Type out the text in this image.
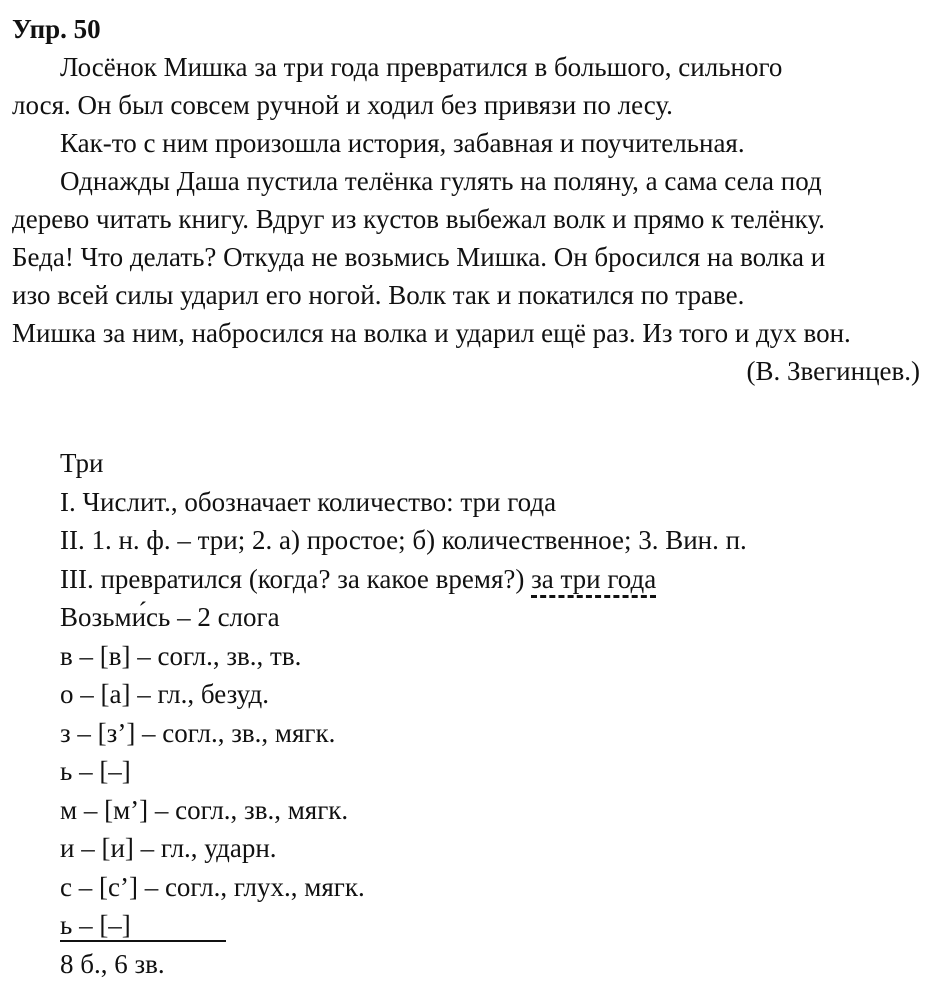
Упр. 50
Лосёнок Мишка за три года превратился в большого, сильного
лося. Он был совсем ручной и ходил без привязи по лесу.
Как-то с ним произошла история, забавная и поучительная.
Однажды Даша пустила телёнка гулять на поляну, а сама села под
дерево читать книгу. Вдруг из кустов выбежал волк и прямо к телёнку.
Беда! Что делать? Откуда не возьмись Мишка. Он бросился на волка и
изо всей силы ударил его ногой. Волк так и покатился по траве.
Мишка за ним, набросился на волка и ударил ещё раз. Из того и дух вон.
(В. Звегинцев.)
Три
I. Числит., обозначает количество: три года
II. 1. н. ф. – три; 2. а) простое; б) количественное; 3. Вин. п.
III. превратился (когда? за какое время?) за три года
Возьми́сь – 2 слога
в – [в] – согл., зв., тв.
о – [а] – гл., безуд.
з – [з’] – согл., зв., мягк.
ь – [–]
м – [м’] – согл., зв., мягк.
и – [и] – гл., ударн.
с – [с’] – согл., глух., мягк.
ь – [–]
8 б., 6 зв.
